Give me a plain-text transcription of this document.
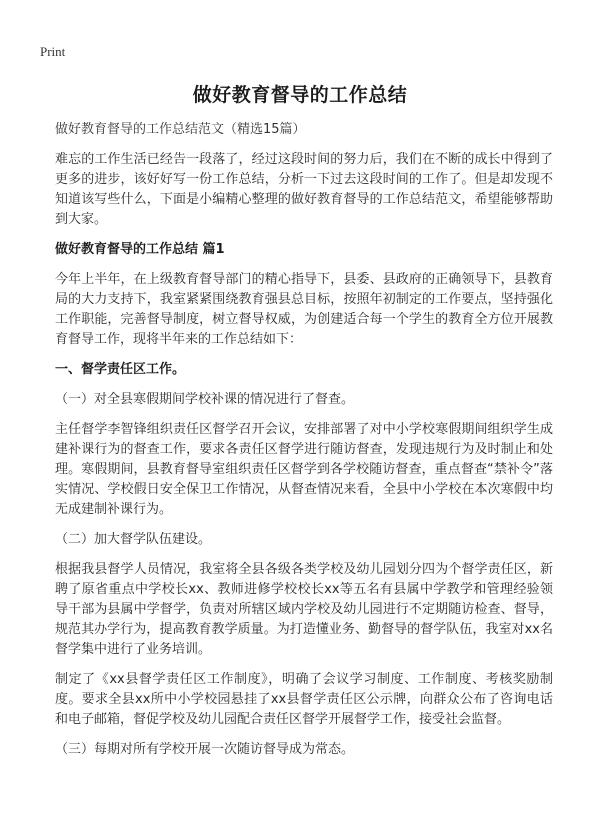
Print
做好教育督导的工作总结
做好教育督导的工作总结范文（精选15篇）

难忘的工作生活已经告一段落了，经过这段时间的努力后，我们在不断的成长中得到了更多的进步，该好好写一份工作总结，分析一下过去这段时间的工作了。但是却发现不知道该写些什么，下面是小编精心整理的做好教育督导的工作总结范文，希望能够帮助到大家。

做好教育督导的工作总结 篇1

今年上半年，在上级教育督导部门的精心指导下，县委、县政府的正确领导下，县教育局的大力支持下，我室紧紧围绕教育强县总目标，按照年初制定的工作要点，坚持强化工作职能，完善督导制度，树立督导权威，为创建适合每一个学生的教育全方位开展教育督导工作，现将半年来的工作总结如下：

一、督学责任区工作。
（一）对全县寒假期间学校补课的情况进行了督查。

主任督学李智锋组织责任区督学召开会议，安排部署了对中小学校寒假期间组织学生成建补课行为的督查工作，要求各责任区督学进行随访督查，发现违规行为及时制止和处理。寒假期间，县教育督导室组织责任区督学到各学校随访督查，重点督查“禁补令”落实情况、学校假日安全保卫工作情况，从督查情况来看，全县中小学校在本次寒假中均无成建制补课行为。

（二）加大督学队伍建设。

根据我县督学人员情况，我室将全县各级各类学校及幼儿园划分四为个督学责任区，新聘了原省重点中学校长xx、教师进修学校校长xx等五名有县属中学教学和管理经验领导干部为县属中学督学，负责对所辖区域内学校及幼儿园进行不定期随访检查、督导，规范其办学行为，提高教育教学质量。为打造懂业务、勤督导的督学队伍，我室对xx名督学集中进行了业务培训。

制定了《xx县督学责任区工作制度》，明确了会议学习制度、工作制度、考核奖励制度。要求全县xx所中小学校园悬挂了xx县督学责任区公示牌，向群众公布了咨询电话和电子邮箱，督促学校及幼儿园配合责任区督学开展督学工作，接受社会监督。

（三）每期对所有学校开展一次随访督导成为常态。
